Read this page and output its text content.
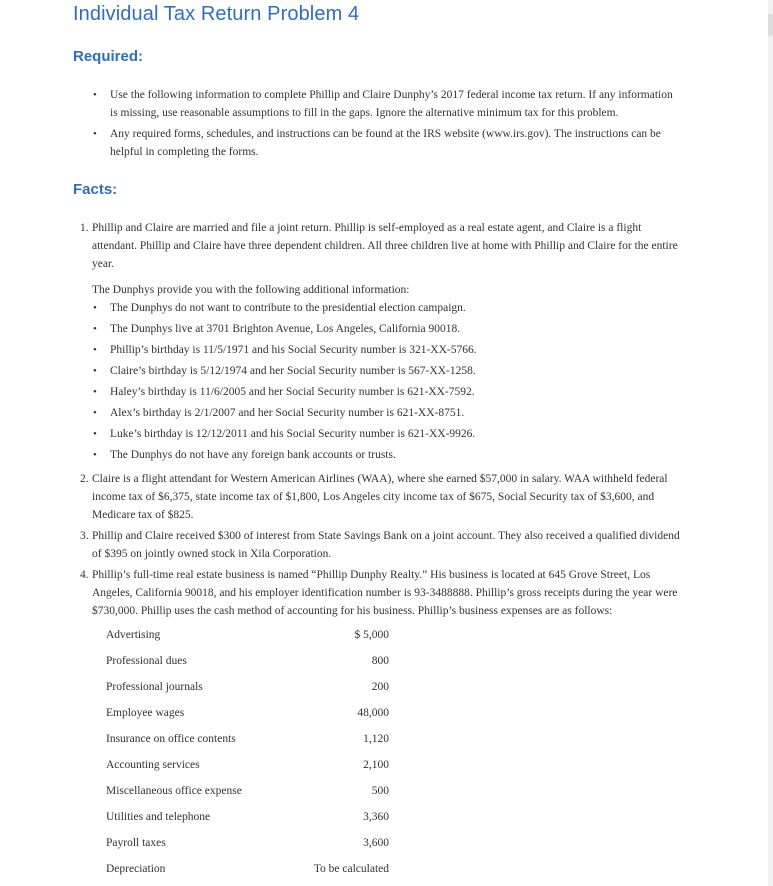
Individual Tax Return Problem 4
Required:
• Use the following information to complete Phillip and Claire Dunphy’s 2017 federal income tax return. If any information
is missing, use reasonable assumptions to fill in the gaps. Ignore the alternative minimum tax for this problem.
• Any required forms, schedules, and instructions can be found at the IRS website (www.irs.gov). The instructions can be
helpful in completing the forms.
Facts:
1. Phillip and Claire are married and file a joint return. Phillip is self-employed as a real estate agent, and Claire is a flight
attendant. Phillip and Claire have three dependent children. All three children live at home with Phillip and Claire for the entire
year.
The Dunphys provide you with the following additional information:
• The Dunphys do not want to contribute to the presidential election campaign.
• The Dunphys live at 3701 Brighton Avenue, Los Angeles, California 90018.
• Phillip’s birthday is 11/5/1971 and his Social Security number is 321-XX-5766.
• Claire’s birthday is 5/12/1974 and her Social Security number is 567-XX-1258.
• Haley’s birthday is 11/6/2005 and her Social Security number is 621-XX-7592.
• Alex’s birthday is 2/1/2007 and her Social Security number is 621-XX-8751.
• Luke’s birthday is 12/12/2011 and his Social Security number is 621-XX-9926.
• The Dunphys do not have any foreign bank accounts or trusts.
2. Claire is a flight attendant for Western American Airlines (WAA), where she earned $57,000 in salary. WAA withheld federal
income tax of $6,375, state income tax of $1,800, Los Angeles city income tax of $675, Social Security tax of $3,600, and
Medicare tax of $825.
3. Phillip and Claire received $300 of interest from State Savings Bank on a joint account. They also received a qualified dividend
of $395 on jointly owned stock in Xila Corporation.
4. Phillip’s full-time real estate business is named “Phillip Dunphy Realty.” His business is located at 645 Grove Street, Los
Angeles, California 90018, and his employer identification number is 93-3488888. Phillip’s gross receipts during the year were
$730,000. Phillip uses the cash method of accounting for his business. Phillip’s business expenses are as follows:
Advertising	$ 5,000
Professional dues	800
Professional journals	200
Employee wages	48,000
Insurance on office contents	1,120
Accounting services	2,100
Miscellaneous office expense	500
Utilities and telephone	3,360
Payroll taxes	3,600
Depreciation	To be calculated
